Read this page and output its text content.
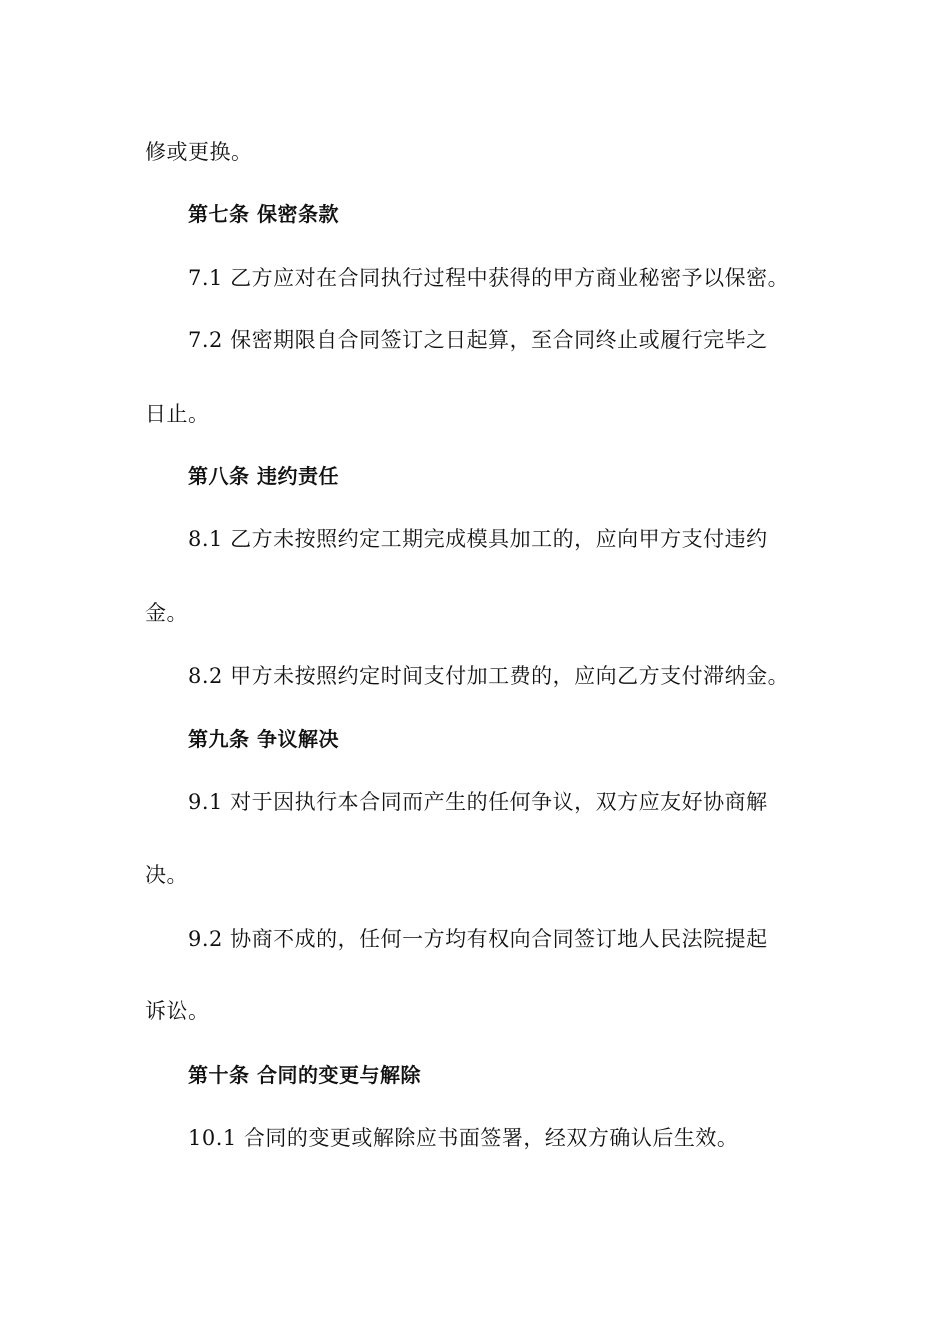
修或更换。
第七条 保密条款
7.1 乙方应对在合同执行过程中获得的甲方商业秘密予以保密。
7.2 保密期限自合同签订之日起算，至合同终止或履行完毕之
日止。
第八条 违约责任
8.1 乙方未按照约定工期完成模具加工的，应向甲方支付违约
金。
8.2 甲方未按照约定时间支付加工费的，应向乙方支付滞纳金。
第九条 争议解决
9.1 对于因执行本合同而产生的任何争议，双方应友好协商解
决。
9.2 协商不成的，任何一方均有权向合同签订地人民法院提起
诉讼。
第十条 合同的变更与解除
10.1 合同的变更或解除应书面签署，经双方确认后生效。
